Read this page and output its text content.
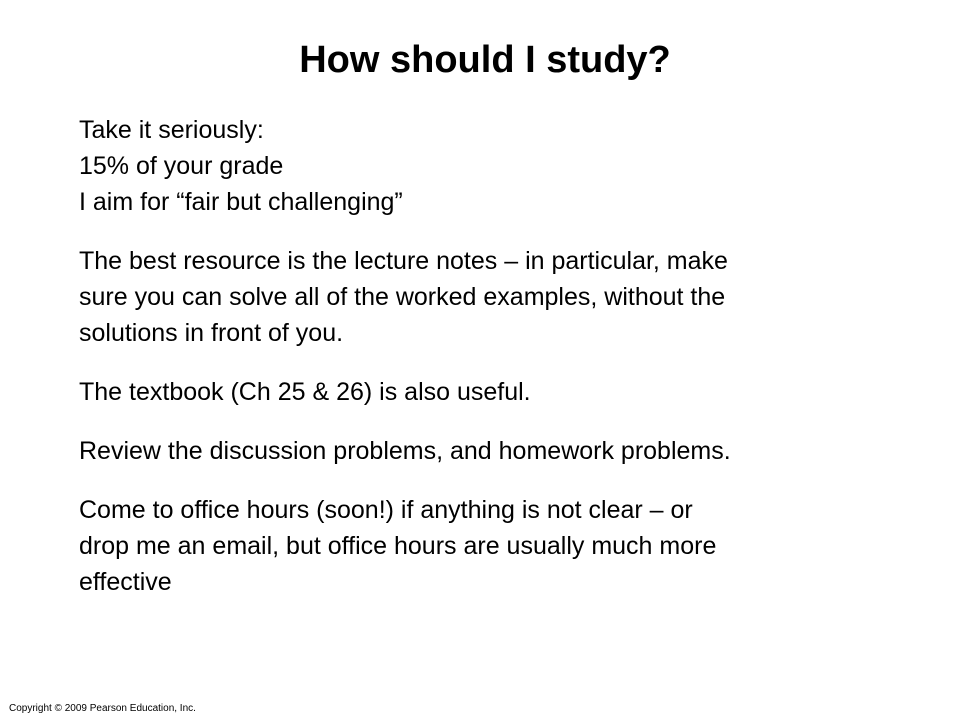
How should I study?
Take it seriously:
15% of your grade
I aim for “fair but challenging”
The best resource is the lecture notes – in particular, make
sure you can solve all of the worked examples, without the
solutions in front of you.
The textbook (Ch 25 & 26) is also useful.
Review the discussion problems, and homework problems.
Come to office hours (soon!) if anything is not clear – or
drop me an email, but office hours are usually much more
effective
Copyright © 2009 Pearson Education, Inc.
